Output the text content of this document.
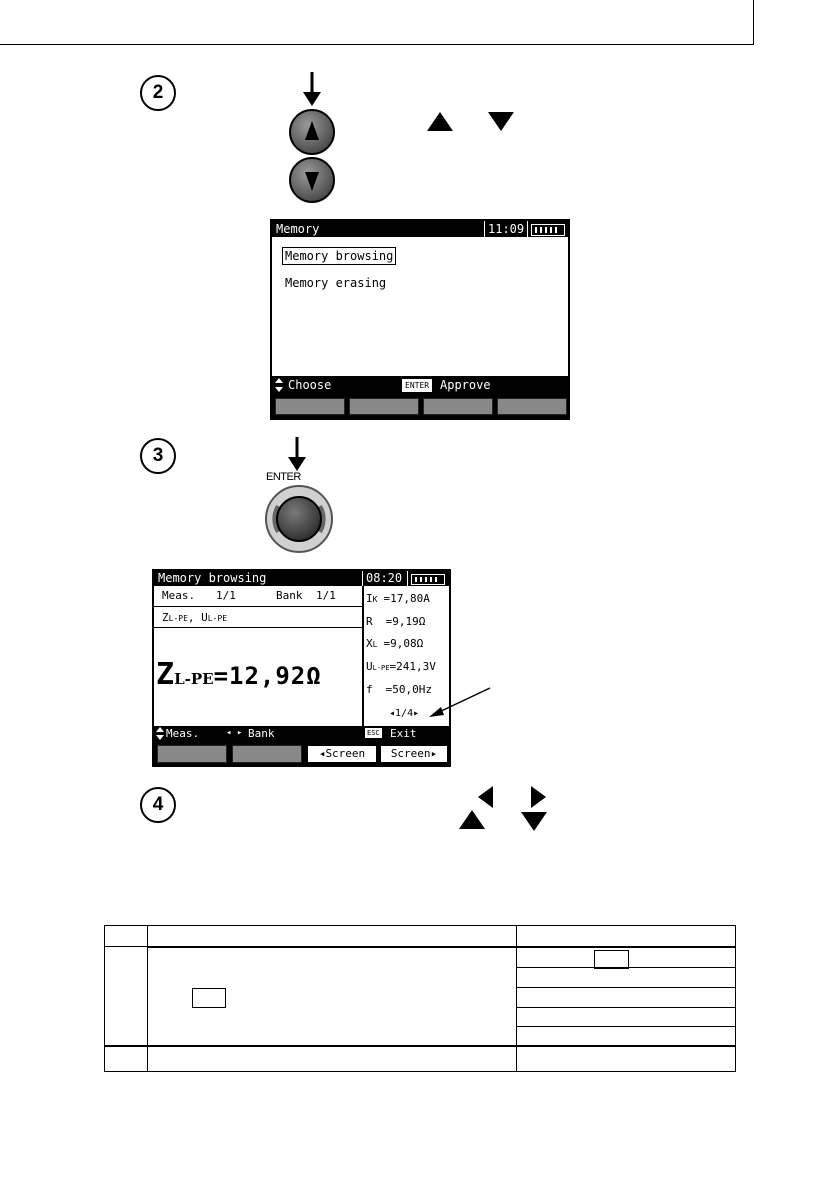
2
Memory	11:09
Memory browsing
Memory erasing
Choose	ENTER Approve
3
ENTER
Memory browsing	08:20
Meas. 1/1	Bank 1/1
ZL-PE, UL-PE
ZL-PE=12,92Ω
IK =17,80A
R =9,19Ω
XL =9,08Ω
UL-PE=241,3V
f =50,0Hz
◂1/4▸
Meas.	◂ ▸ Bank	ESC Exit
◂Screen	Screen▸
4
